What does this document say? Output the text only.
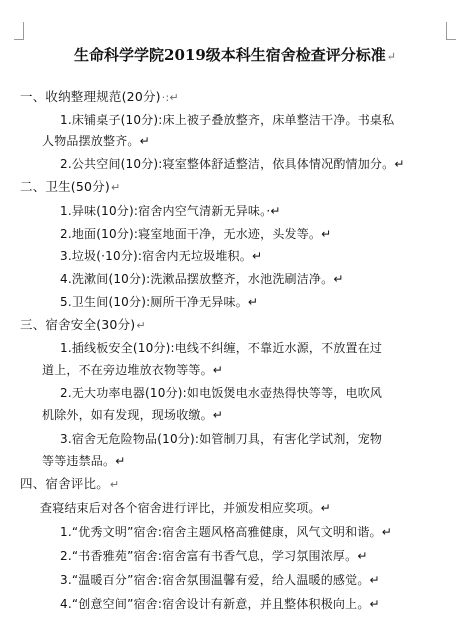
生命科学学院2019级本科生宿舍检查评分标准↵
一、收纳整理规范(20分)·:↵
1.床铺桌子(10分):床上被子叠放整齐，床单整洁干净。书桌私
人物品摆放整齐。↵
2.公共空间(10分):寝室整体舒适整洁，依具体情况酌情加分。↵
二、卫生(50分)↵
1.异味(10分):宿舍内空气清新无异味。·↵
2.地面(10分):寝室地面干净，无水迹，头发等。↵
3.垃圾(·10分):宿舍内无垃圾堆积。↵
4.洗漱间(10分):洗漱品摆放整齐，水池洗刷洁净。↵
5.卫生间(10分):厕所干净无异味。↵
三、宿舍安全(30分)↵
1.插线板安全(10分):电线不纠缠，不靠近水源，不放置在过
道上，不在旁边堆放衣物等等。↵
2.无大功率电器(10分):如电饭煲电水壶热得快等等，电吹风
机除外，如有发现，现场收缴。↵
3.宿舍无危险物品(10分):如管制刀具，有害化学试剂，宠物
等等违禁品。↵
四、宿舍评比。↵
查寝结束后对各个宿舍进行评比，并颁发相应奖项。↵
1.“优秀文明”宿舍:宿舍主题风格高雅健康，风气文明和谐。↵
2.“书香雅苑”宿舍:宿舍富有书香气息，学习氛围浓厚。↵
3.“温暖百分”宿舍:宿舍氛围温馨有爱，给人温暖的感觉。↵
4.“创意空间”宿舍:宿舍设计有新意，并且整体积极向上。↵
